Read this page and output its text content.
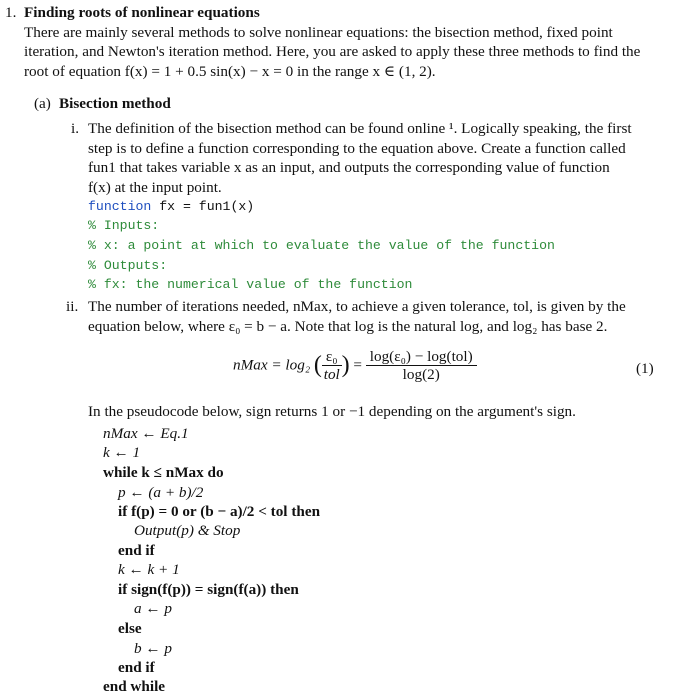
1. Finding roots of nonlinear equations
There are mainly several methods to solve nonlinear equations: the bisection method, fixed point
iteration, and Newton's iteration method. Here, you are asked to apply these three methods to find the
root of equation f(x) = 1 + 0.5 sin(x) − x = 0 in the range x ∈ (1, 2).
(a) Bisection method
i. The definition of the bisection method can be found online ¹. Logically speaking, the first
step is to define a function corresponding to the equation above. Create a function called
fun1 that takes variable x as an input, and outputs the corresponding value of function
f(x) at the input point.
function fx = fun1(x)
% Inputs:
% x: a point at which to evaluate the value of the function
% Outputs:
% fx: the numerical value of the function
ii. The number of iterations needed, nMax, to achieve a given tolerance, tol, is given by the
equation below, where ε₀ = b − a. Note that log is the natural log, and log₂ has base 2.
nMax = log₂ ( $\frac{\text{ε₀}}{\text{tol}}$ ) = $\frac{\text{log(ε₀) − log(tol)}}{\log(2)}$	(1)
In the pseudocode below, sign returns 1 or −1 depending on the argument's sign.
nMax ← Eq.1
k ← 1
while k ≤ nMax do
p ← (a + b)/2
if f(p) = 0 or (b − a)/2 < tol then
Output(p) & Stop
end if
k ← k + 1
if sign(f(p)) = sign(f(a)) then
a ← p
else
b ← p
end if
end while
